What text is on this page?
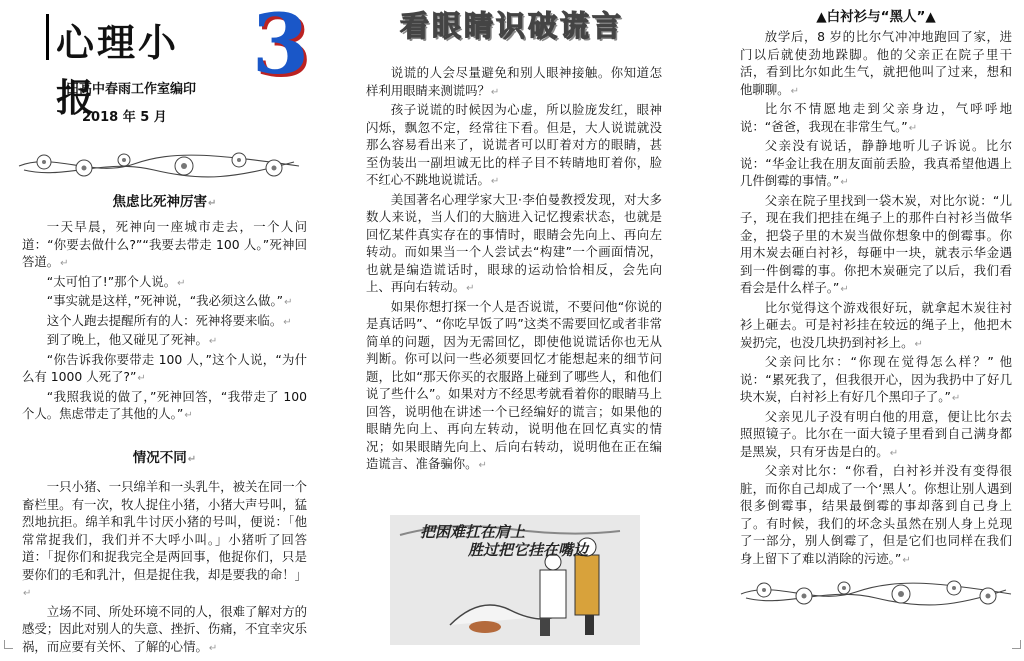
心理小报
3
田高中春雨工作室编印
2018 年 5 月

焦虑比死神厉害↵

一天早晨，死神向一座城市走去，一个人问道：“你要去做什么?”“我要去带走 100 人。”死神回答道。↵

“太可怕了!”那个人说。↵

“事实就是这样，”死神说，“我必须这么做。”↵

这个人跑去提醒所有的人：死神将要来临。↵

到了晚上，他又碰见了死神。↵

“你告诉我你要带走 100 人，”这个人说，“为什么有 1000 人死了?”↵

“我照我说的做了，”死神回答，“我带走了 100 个人。焦虑带走了其他的人。”↵

情况不同↵

一只小猪、一只绵羊和一头乳牛，被关在同一个畜栏里。有一次，牧人捉住小猪，小猪大声号叫，猛烈地抗拒。绵羊和乳牛讨厌小猪的号叫，便说：「他常常捉我们，我们并不大呼小叫。」小猪听了回答道：「捉你们和捉我完全是两回事，他捉你们，只是要你们的毛和乳汁，但是捉住我，却是要我的命！」↵

立场不同、所处环境不同的人，很难了解对方的感受；因此对别人的失意、挫折、伤痛，不宜幸灾乐祸，而应要有关怀、了解的心情。↵

看眼睛识破谎言

说谎的人会尽量避免和别人眼神接触。你知道怎样利用眼睛来测谎吗？↵

孩子说谎的时候因为心虚，所以脸庞发红，眼神闪烁，飘忽不定，经常往下看。但是，大人说谎就没那么容易看出来了，说谎者可以盯着对方的眼睛，甚至伪装出一副坦诚无比的样子目不转睛地盯着你，脸不红心不跳地说谎话。↵

美国著名心理学家大卫·李伯曼教授发现，对大多数人来说，当人们的大脑进入记忆搜索状态，也就是回忆某件真实存在的事情时，眼睛会先向上、再向左转动。而如果当一个人尝试去“构建”一个画面情况，也就是编造谎话时，眼球的运动恰恰相反，会先向上、再向右转动。↵

如果你想打探一个人是否说谎，不要问他“你说的是真话吗”、“你吃早饭了吗”这类不需要回忆或者非常简单的问题，因为无需回忆，即使他说谎话你也无从判断。你可以问一些必须要回忆才能想起来的细节问题，比如“那天你买的衣服路上碰到了哪些人，和他们说了些什么”。如果对方不经思考就看着你的眼睛马上回答，说明他在讲述一个已经编好的谎言；如果他的眼睛先向上、再向左转动，说明他在回忆真实的情况；如果眼睛先向上、后向右转动，说明他在正在编造谎言、准备骗你。↵

把困难扛在肩上
胜过把它挂在嘴边
▲白衬衫与“黑人”▲

放学后，8 岁的比尔气冲冲地跑回了家，进门以后就使劲地跺脚。他的父亲正在院子里干活，看到比尔如此生气，就把他叫了过来，想和他聊聊。↵

比尔不情愿地走到父亲身边，气呼呼地说：“爸爸，我现在非常生气。”↵

父亲没有说话，静静地听儿子诉说。比尔说：“华金让我在朋友面前丢脸，我真希望他遇上几件倒霉的事情。”↵

父亲在院子里找到一袋木炭，对比尔说：“儿子，现在我们把挂在绳子上的那件白衬衫当做华金，把袋子里的木炭当做你想象中的倒霉事。你用木炭去砸白衬衫，每砸中一块，就表示华金遇到一件倒霉的事。你把木炭砸完了以后，我们看看会是什么样子。”↵

比尔觉得这个游戏很好玩，就拿起木炭往衬衫上砸去。可是衬衫挂在较远的绳子上，他把木炭扔完，也没几块扔到衬衫上。↵

父亲问比尔：“你现在觉得怎么样？” 他说：“累死我了，但我很开心，因为我扔中了好几块木炭，白衬衫上有好几个黑印子了。”↵

父亲见儿子没有明白他的用意，便让比尔去照照镜子。比尔在一面大镜子里看到自己满身都是黑炭，只有牙齿是白的。↵

父亲对比尔：“你看，白衬衫并没有变得很脏，而你自己却成了一个‘黑人’。你想让别人遇到很多倒霉事，结果最倒霉的事却落到自己身上了。有时候，我们的坏念头虽然在别人身上兑现了一部分，别人倒霉了，但是它们也同样在我们身上留下了难以消除的污迹。”↵
